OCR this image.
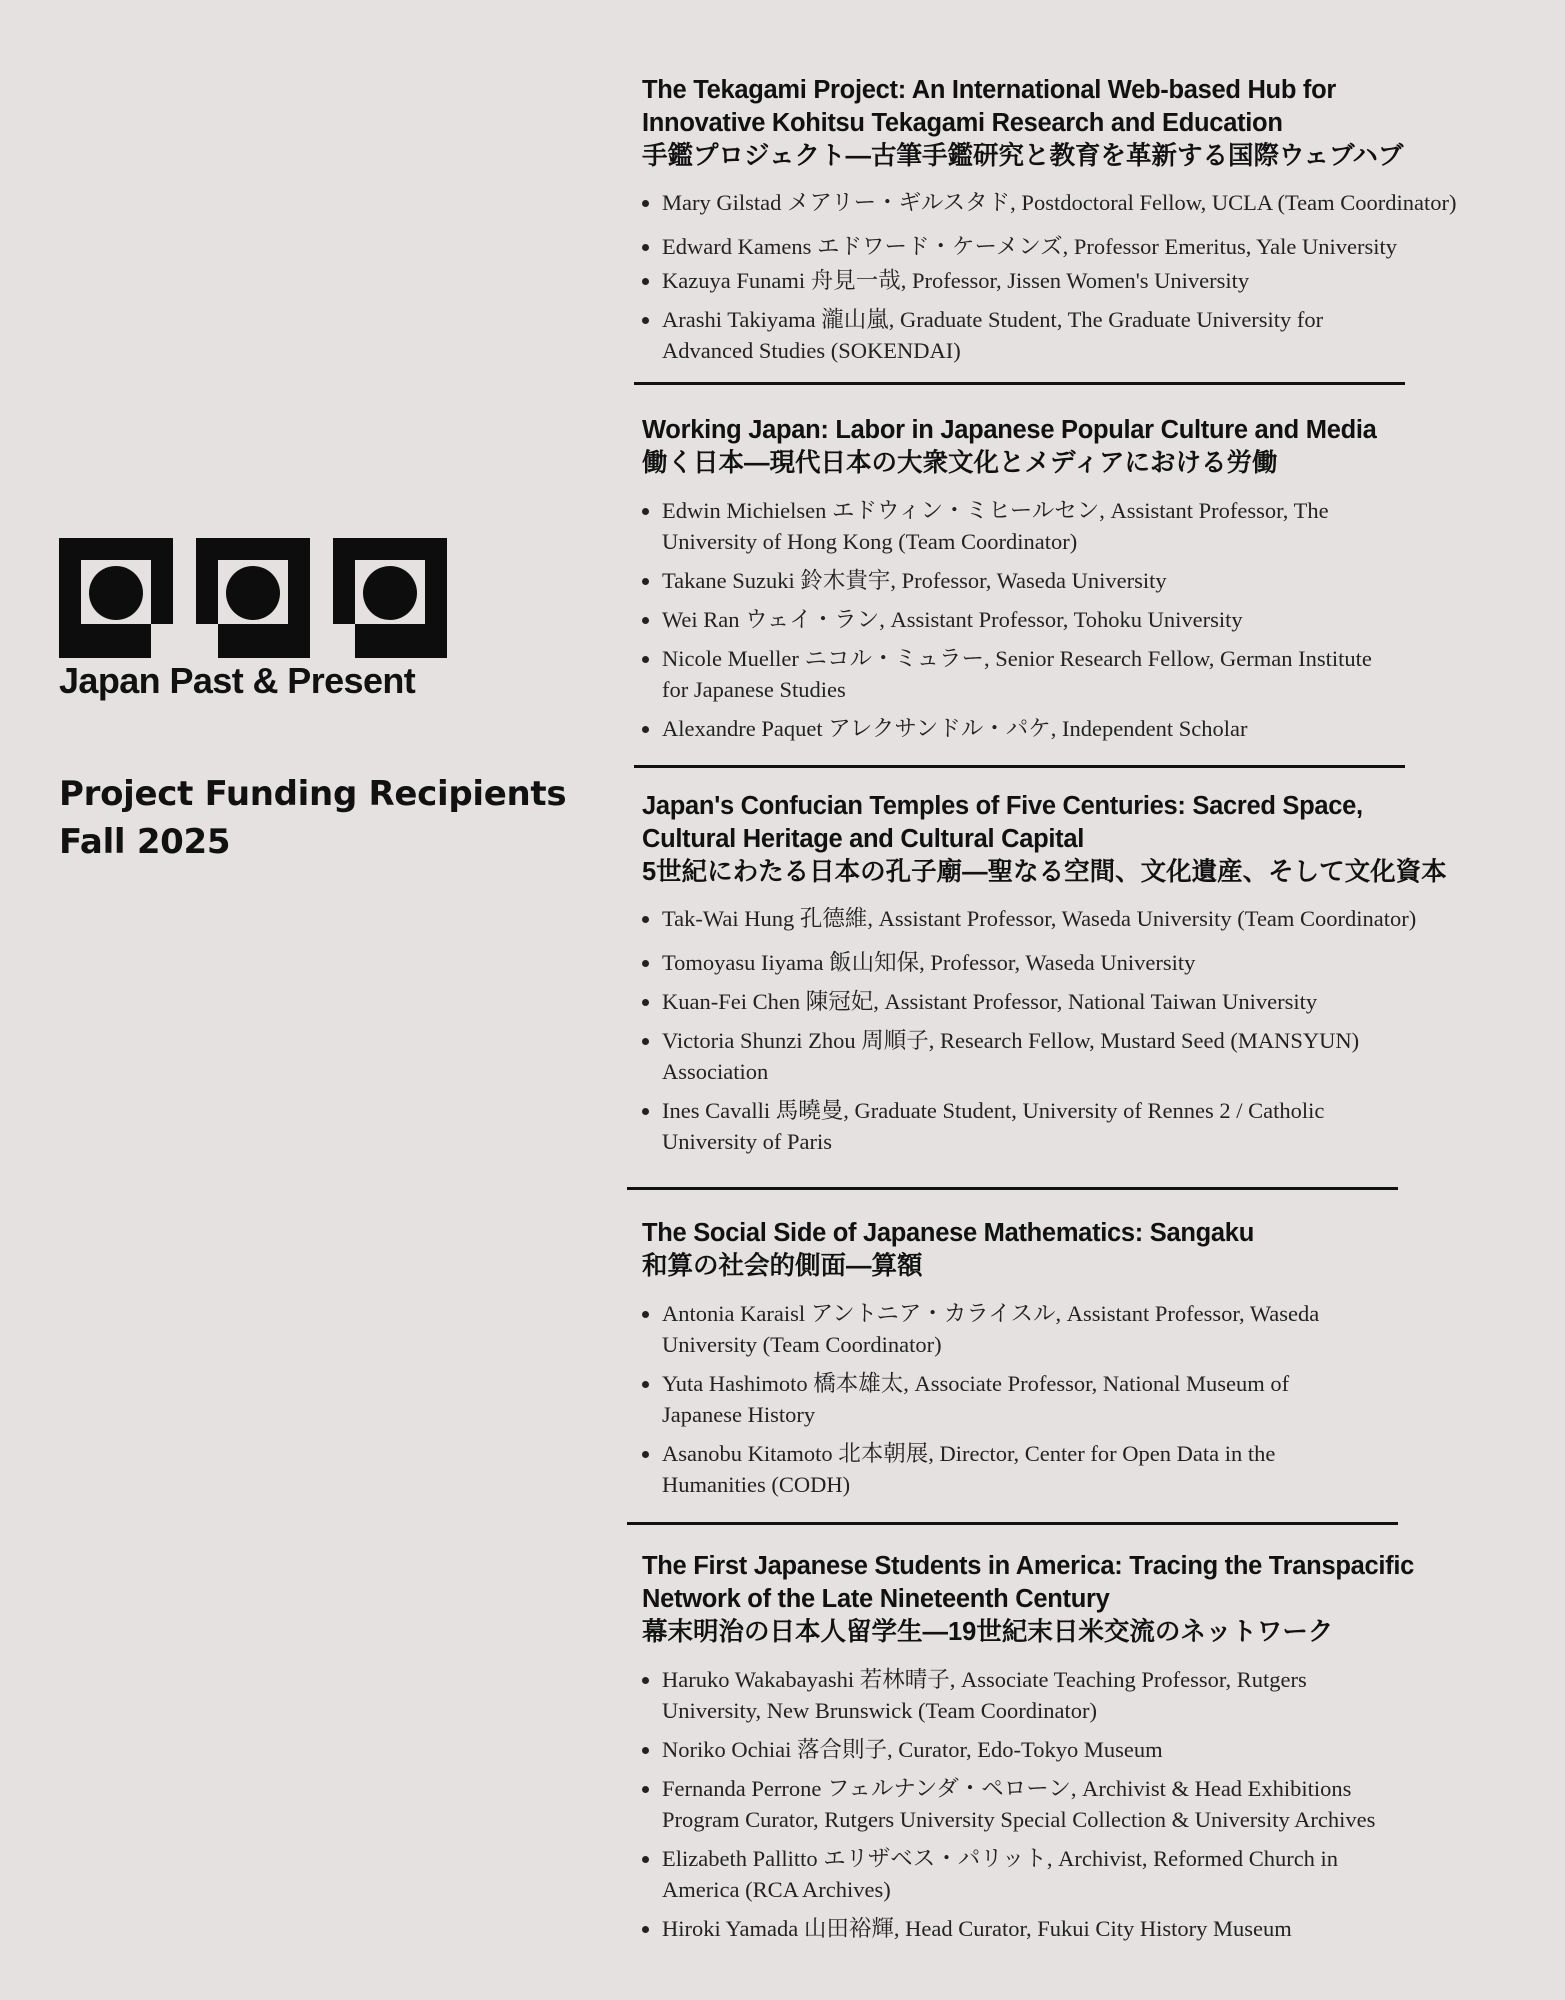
Japan Past & Present
Project Funding Recipients
Fall 2025
The Tekagami Project: An International Web-based Hub for
Innovative Kohitsu Tekagami Research and Education
手鑑プロジェクト—古筆手鑑研究と教育を革新する国際ウェブハブ
Mary Gilstad メアリー・ギルスタド, Postdoctoral Fellow, UCLA (Team Coordinator)
Edward Kamens エドワード・ケーメンズ, Professor Emeritus, Yale University
Kazuya Funami 舟見一哉, Professor, Jissen Women's University
Arashi Takiyama 瀧山嵐, Graduate Student, The Graduate University for
Advanced Studies (SOKENDAI)
Working Japan: Labor in Japanese Popular Culture and Media
働く日本—現代日本の大衆文化とメディアにおける労働
Edwin Michielsen エドウィン・ミヒールセン, Assistant Professor, The
University of Hong Kong (Team Coordinator)
Takane Suzuki 鈴木貴宇, Professor, Waseda University
Wei Ran ウェイ・ラン, Assistant Professor, Tohoku University
Nicole Mueller ニコル・ミュラー, Senior Research Fellow, German Institute
for Japanese Studies
Alexandre Paquet アレクサンドル・パケ, Independent Scholar
Japan's Confucian Temples of Five Centuries: Sacred Space,
Cultural Heritage and Cultural Capital
5世紀にわたる日本の孔子廟—聖なる空間、文化遺産、そして文化資本
Tak-Wai Hung 孔德維, Assistant Professor, Waseda University (Team Coordinator)
Tomoyasu Iiyama 飯山知保, Professor, Waseda University
Kuan-Fei Chen 陳冠妃, Assistant Professor, National Taiwan University
Victoria Shunzi Zhou 周順子, Research Fellow, Mustard Seed (MANSYUN)
Association
Ines Cavalli 馬曉曼, Graduate Student, University of Rennes 2 / Catholic
University of Paris
The Social Side of Japanese Mathematics: Sangaku
和算の社会的側面—算額
Antonia Karaisl アントニア・カライスル, Assistant Professor, Waseda
University (Team Coordinator)
Yuta Hashimoto 橋本雄太, Associate Professor, National Museum of
Japanese History
Asanobu Kitamoto 北本朝展, Director, Center for Open Data in the
Humanities (CODH)
The First Japanese Students in America: Tracing the Transpacific
Network of the Late Nineteenth Century
幕末明治の日本人留学生—19世紀末日米交流のネットワーク
Haruko Wakabayashi 若林晴子, Associate Teaching Professor, Rutgers
University, New Brunswick (Team Coordinator)
Noriko Ochiai 落合則子, Curator, Edo-Tokyo Museum
Fernanda Perrone フェルナンダ・ペローン, Archivist & Head Exhibitions
Program Curator, Rutgers University Special Collection & University Archives
Elizabeth Pallitto エリザベス・パリット, Archivist, Reformed Church in
America (RCA Archives)
Hiroki Yamada 山田裕輝, Head Curator, Fukui City History Museum
